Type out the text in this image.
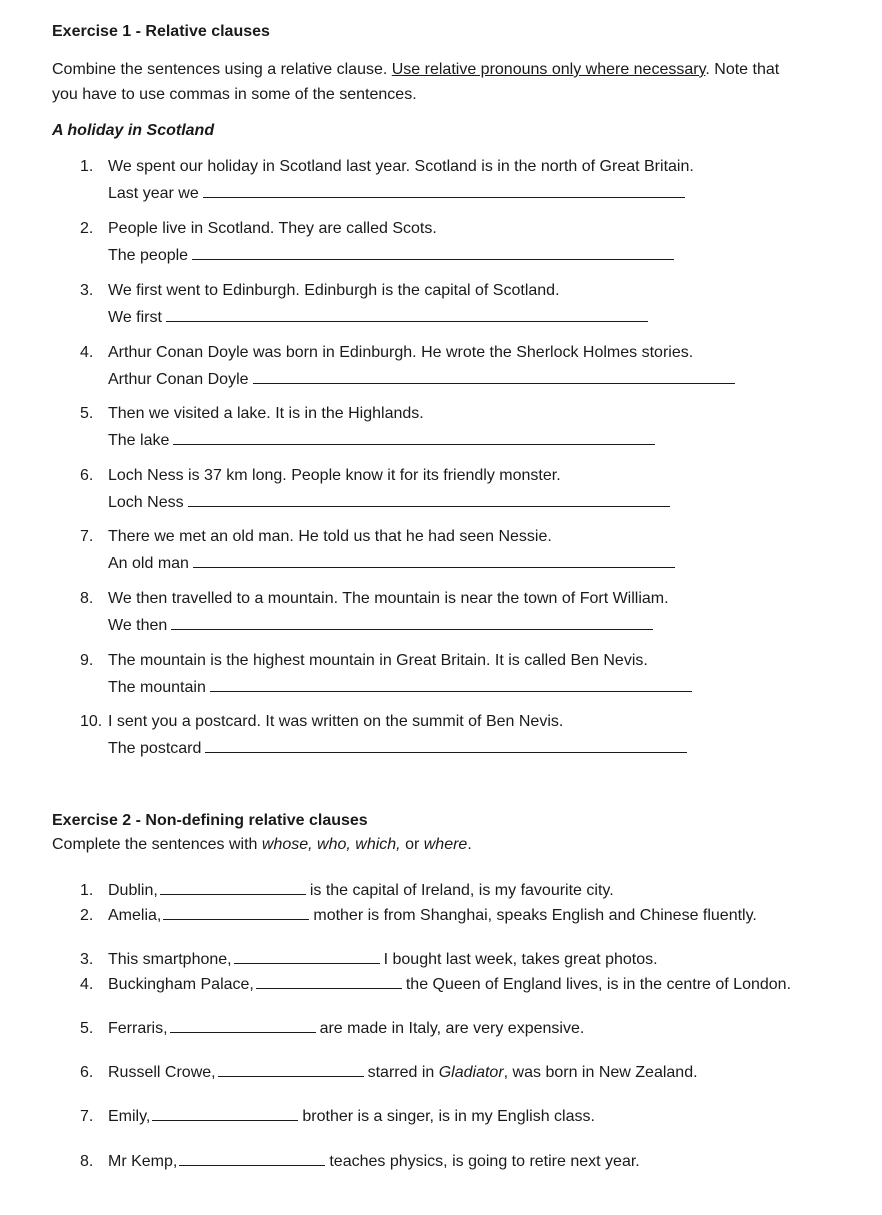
Exercise 1 - Relative clauses
Combine the sentences using a relative clause. Use relative pronouns only where necessary. Note that
you have to use commas in some of the sentences.
A holiday in Scotland
1. We spent our holiday in Scotland last year. Scotland is in the north of Great Britain.
Last year we
2. People live in Scotland. They are called Scots.
The people
3. We first went to Edinburgh. Edinburgh is the capital of Scotland.
We first
4. Arthur Conan Doyle was born in Edinburgh. He wrote the Sherlock Holmes stories.
Arthur Conan Doyle
5. Then we visited a lake. It is in the Highlands.
The lake
6. Loch Ness is 37 km long. People know it for its friendly monster.
Loch Ness
7. There we met an old man. He told us that he had seen Nessie.
An old man
8. We then travelled to a mountain. The mountain is near the town of Fort William.
We then
9. The mountain is the highest mountain in Great Britain. It is called Ben Nevis.
The mountain
10. I sent you a postcard. It was written on the summit of Ben Nevis.
The postcard
Exercise 2 - Non-defining relative clauses
Complete the sentences with whose, who, which, or where.
1. Dublin,	is the capital of Ireland, is my favourite city.
2. Amelia,	mother is from Shanghai, speaks English and Chinese fluently.
3. This smartphone,	I bought last week, takes great photos.
4. Buckingham Palace,	the Queen of England lives, is in the centre of London.
5. Ferraris,	are made in Italy, are very expensive.
6. Russell Crowe,	starred in Gladiator, was born in New Zealand.
7. Emily,	brother is a singer, is in my English class.
8. Mr Kemp,	teaches physics, is going to retire next year.
